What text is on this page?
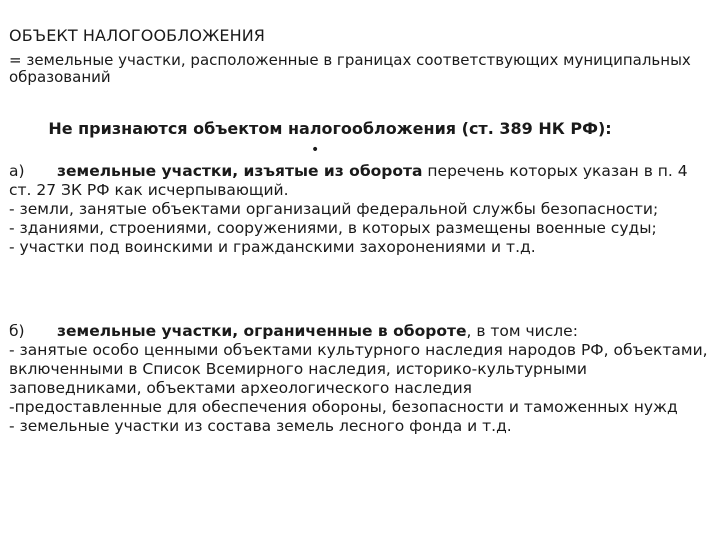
ОБЪЕКТ НАЛОГООБЛОЖЕНИЯ

= земельные участки, расположенные в границах соответствующих муниципальных образований

Не признаются объектом налогообложения (ст. 389 НК РФ):
•

а) земельные участки, изъятые из оборота перечень которых указан в п. 4 ст. 27 ЗК РФ как исчерпывающий.

- земли, занятые объектами организаций федеральной службы безопасности;

- зданиями, строениями, сооружениями, в которых размещены военные суды;

- участки под воинскими и гражданскими захоронениями и т.д.

б) земельные участки, ограниченные в обороте, в том числе:

- занятые особо ценными объектами культурного наследия народов РФ, объектами, включенными в Список Всемирного наследия, историко-культурными заповедниками, объектами археологического наследия

-предоставленные для обеспечения обороны, безопасности и таможенных нужд

- земельные участки из состава земель лесного фонда и т.д.
